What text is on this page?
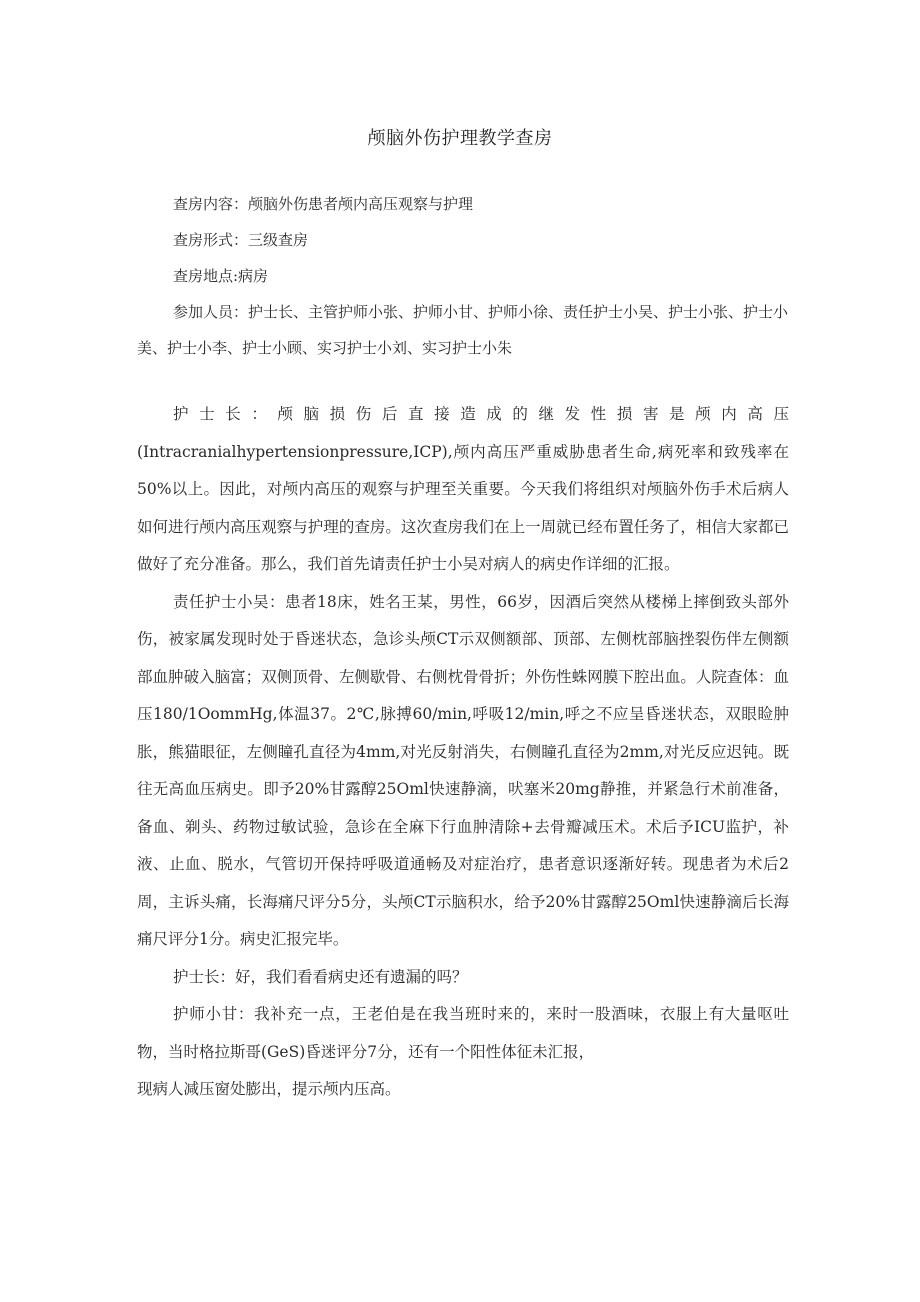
颅脑外伤护理教学查房

查房内容：颅脑外伤患者颅内高压观察与护理

查房形式：三级查房

查房地点:病房

参加人员：护士长、主管护师小张、护师小甘、护师小徐、责任护士小吴、护士小张、护士小美、护士小李、护士小顾、实习护士小刘、实习护士小朱

护士长：颅脑损伤后直接造成的继发性损害是颅内高压(Intracranialhypertensionpressure,ICP),颅内高压严重威胁患者生命,病死率和致残率在50%以上。因此，对颅内高压的观察与护理至关重要。今天我们将组织对颅脑外伤手术后病人如何进行颅内高压观察与护理的查房。这次查房我们在上一周就已经布置任务了，相信大家都已做好了充分准备。那么，我们首先请责任护士小吴对病人的病史作详细的汇报。

责任护士小吴：患者18床，姓名王某，男性，66岁，因酒后突然从楼梯上摔倒致头部外伤，被家属发现时处于昏迷状态，急诊头颅CT示双侧额部、顶部、左侧枕部脑挫裂伤伴左侧额部血肿破入脑富；双侧顶骨、左侧歇骨、右侧枕骨骨折；外伤性蛛网膜下腔出血。人院查体：血压180/1OommHg,体温37。2℃,脉搏60/min,呼吸12/min,呼之不应呈昏迷状态，双眼睑肿胀，熊猫眼征，左侧瞳孔直径为4mm,对光反射消失，右侧瞳孔直径为2mm,对光反应迟钝。既往无高血压病史。即予20%甘露醇25Oml快速静滴，吠塞米20mg静推，并紧急行术前准备，备血、剃头、药物过敏试验，急诊在全麻下行血肿清除+去骨瓣减压术。术后予ICU监护，补液、止血、脱水，气管切开保持呼吸道通畅及对症治疗，患者意识逐渐好转。现患者为术后2周，主诉头痛，长海痛尺评分5分，头颅CT示脑积水，给予20%甘露醇25Oml快速静滴后长海痛尺评分1分。病史汇报完毕。

护士长：好，我们看看病史还有遗漏的吗？

护师小甘：我补充一点，王老伯是在我当班时来的，来时一股酒味，衣服上有大量呕吐物，当时格拉斯哥(GeS)昏迷评分7分，还有一个阳性体征未汇报，

现病人减压窗处膨出，提示颅内压高。
